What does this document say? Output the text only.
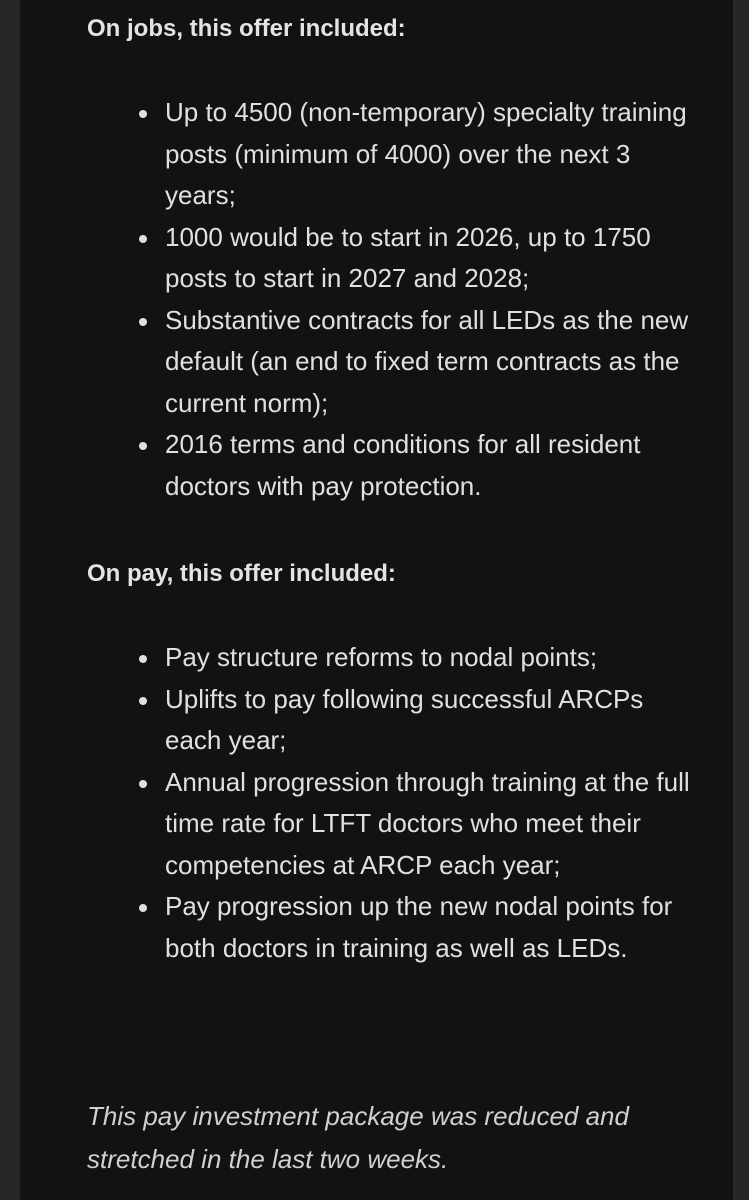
On jobs, this offer included:

Up to 4500 (non-temporary) specialty training posts (minimum of 4000) over the next 3 years;
1000 would be to start in 2026, up to 1750 posts to start in 2027 and 2028;
Substantive contracts for all LEDs as the new default (an end to fixed term contracts as the current norm);
2016 terms and conditions for all resident doctors with pay protection.

On pay, this offer included:

Pay structure reforms to nodal points;
Uplifts to pay following successful ARCPs each year;
Annual progression through training at the full time rate for LTFT doctors who meet their competencies at ARCP each year;
Pay progression up the new nodal points for both doctors in training as well as LEDs.

This pay investment package was reduced and stretched in the last two weeks.
